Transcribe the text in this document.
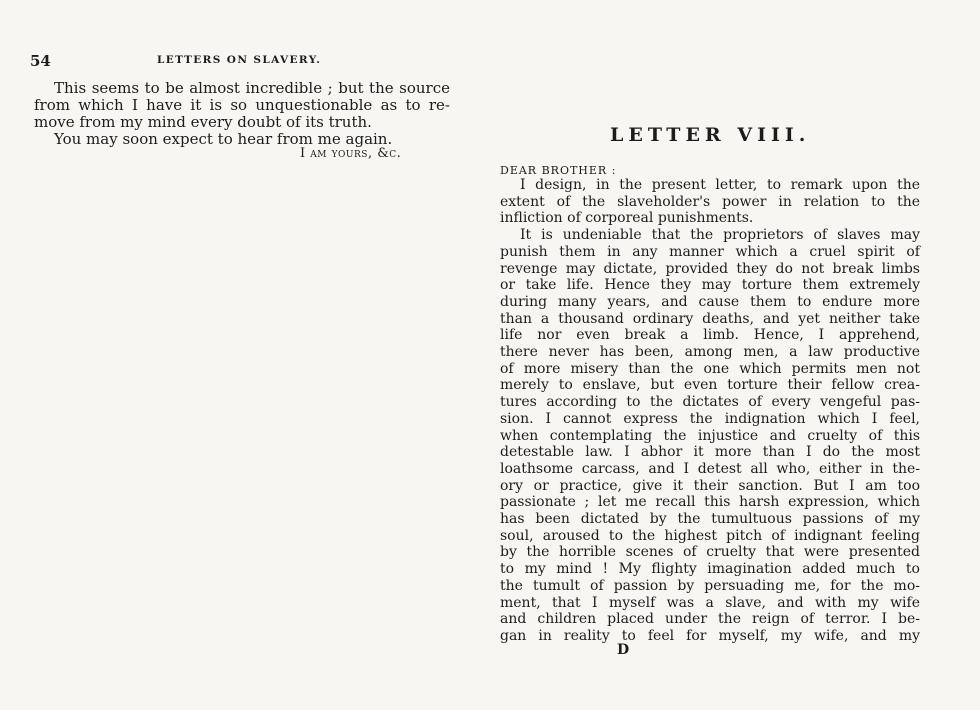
54	LETTERS ON SLAVERY.
This seems to be almost incredible ; but the source
from which I have it is so unquestionable as to re-
move from my mind every doubt of its truth.
You may soon expect to hear from me again.
I am yours, &c.
LETTER VIII.
DEAR BROTHER :
I design, in the present letter, to remark upon the
extent of the slaveholder's power in relation to the
infliction of corporeal punishments.
It is undeniable that the proprietors of slaves may
punish them in any manner which a cruel spirit of
revenge may dictate, provided they do not break limbs
or take life. Hence they may torture them extremely
during many years, and cause them to endure more
than a thousand ordinary deaths, and yet neither take
life nor even break a limb. Hence, I apprehend,
there never has been, among men, a law productive
of more misery than the one which permits men not
merely to enslave, but even torture their fellow crea-
tures according to the dictates of every vengeful pas-
sion. I cannot express the indignation which I feel,
when contemplating the injustice and cruelty of this
detestable law. I abhor it more than I do the most
loathsome carcass, and I detest all who, either in the-
ory or practice, give it their sanction. But I am too
passionate ; let me recall this harsh expression, which
has been dictated by the tumultuous passions of my
soul, aroused to the highest pitch of indignant feeling
by the horrible scenes of cruelty that were presented
to my mind ! My flighty imagination added much to
the tumult of passion by persuading me, for the mo-
ment, that I myself was a slave, and with my wife
and children placed under the reign of terror. I be-
gan in reality to feel for myself, my wife, and my
D
